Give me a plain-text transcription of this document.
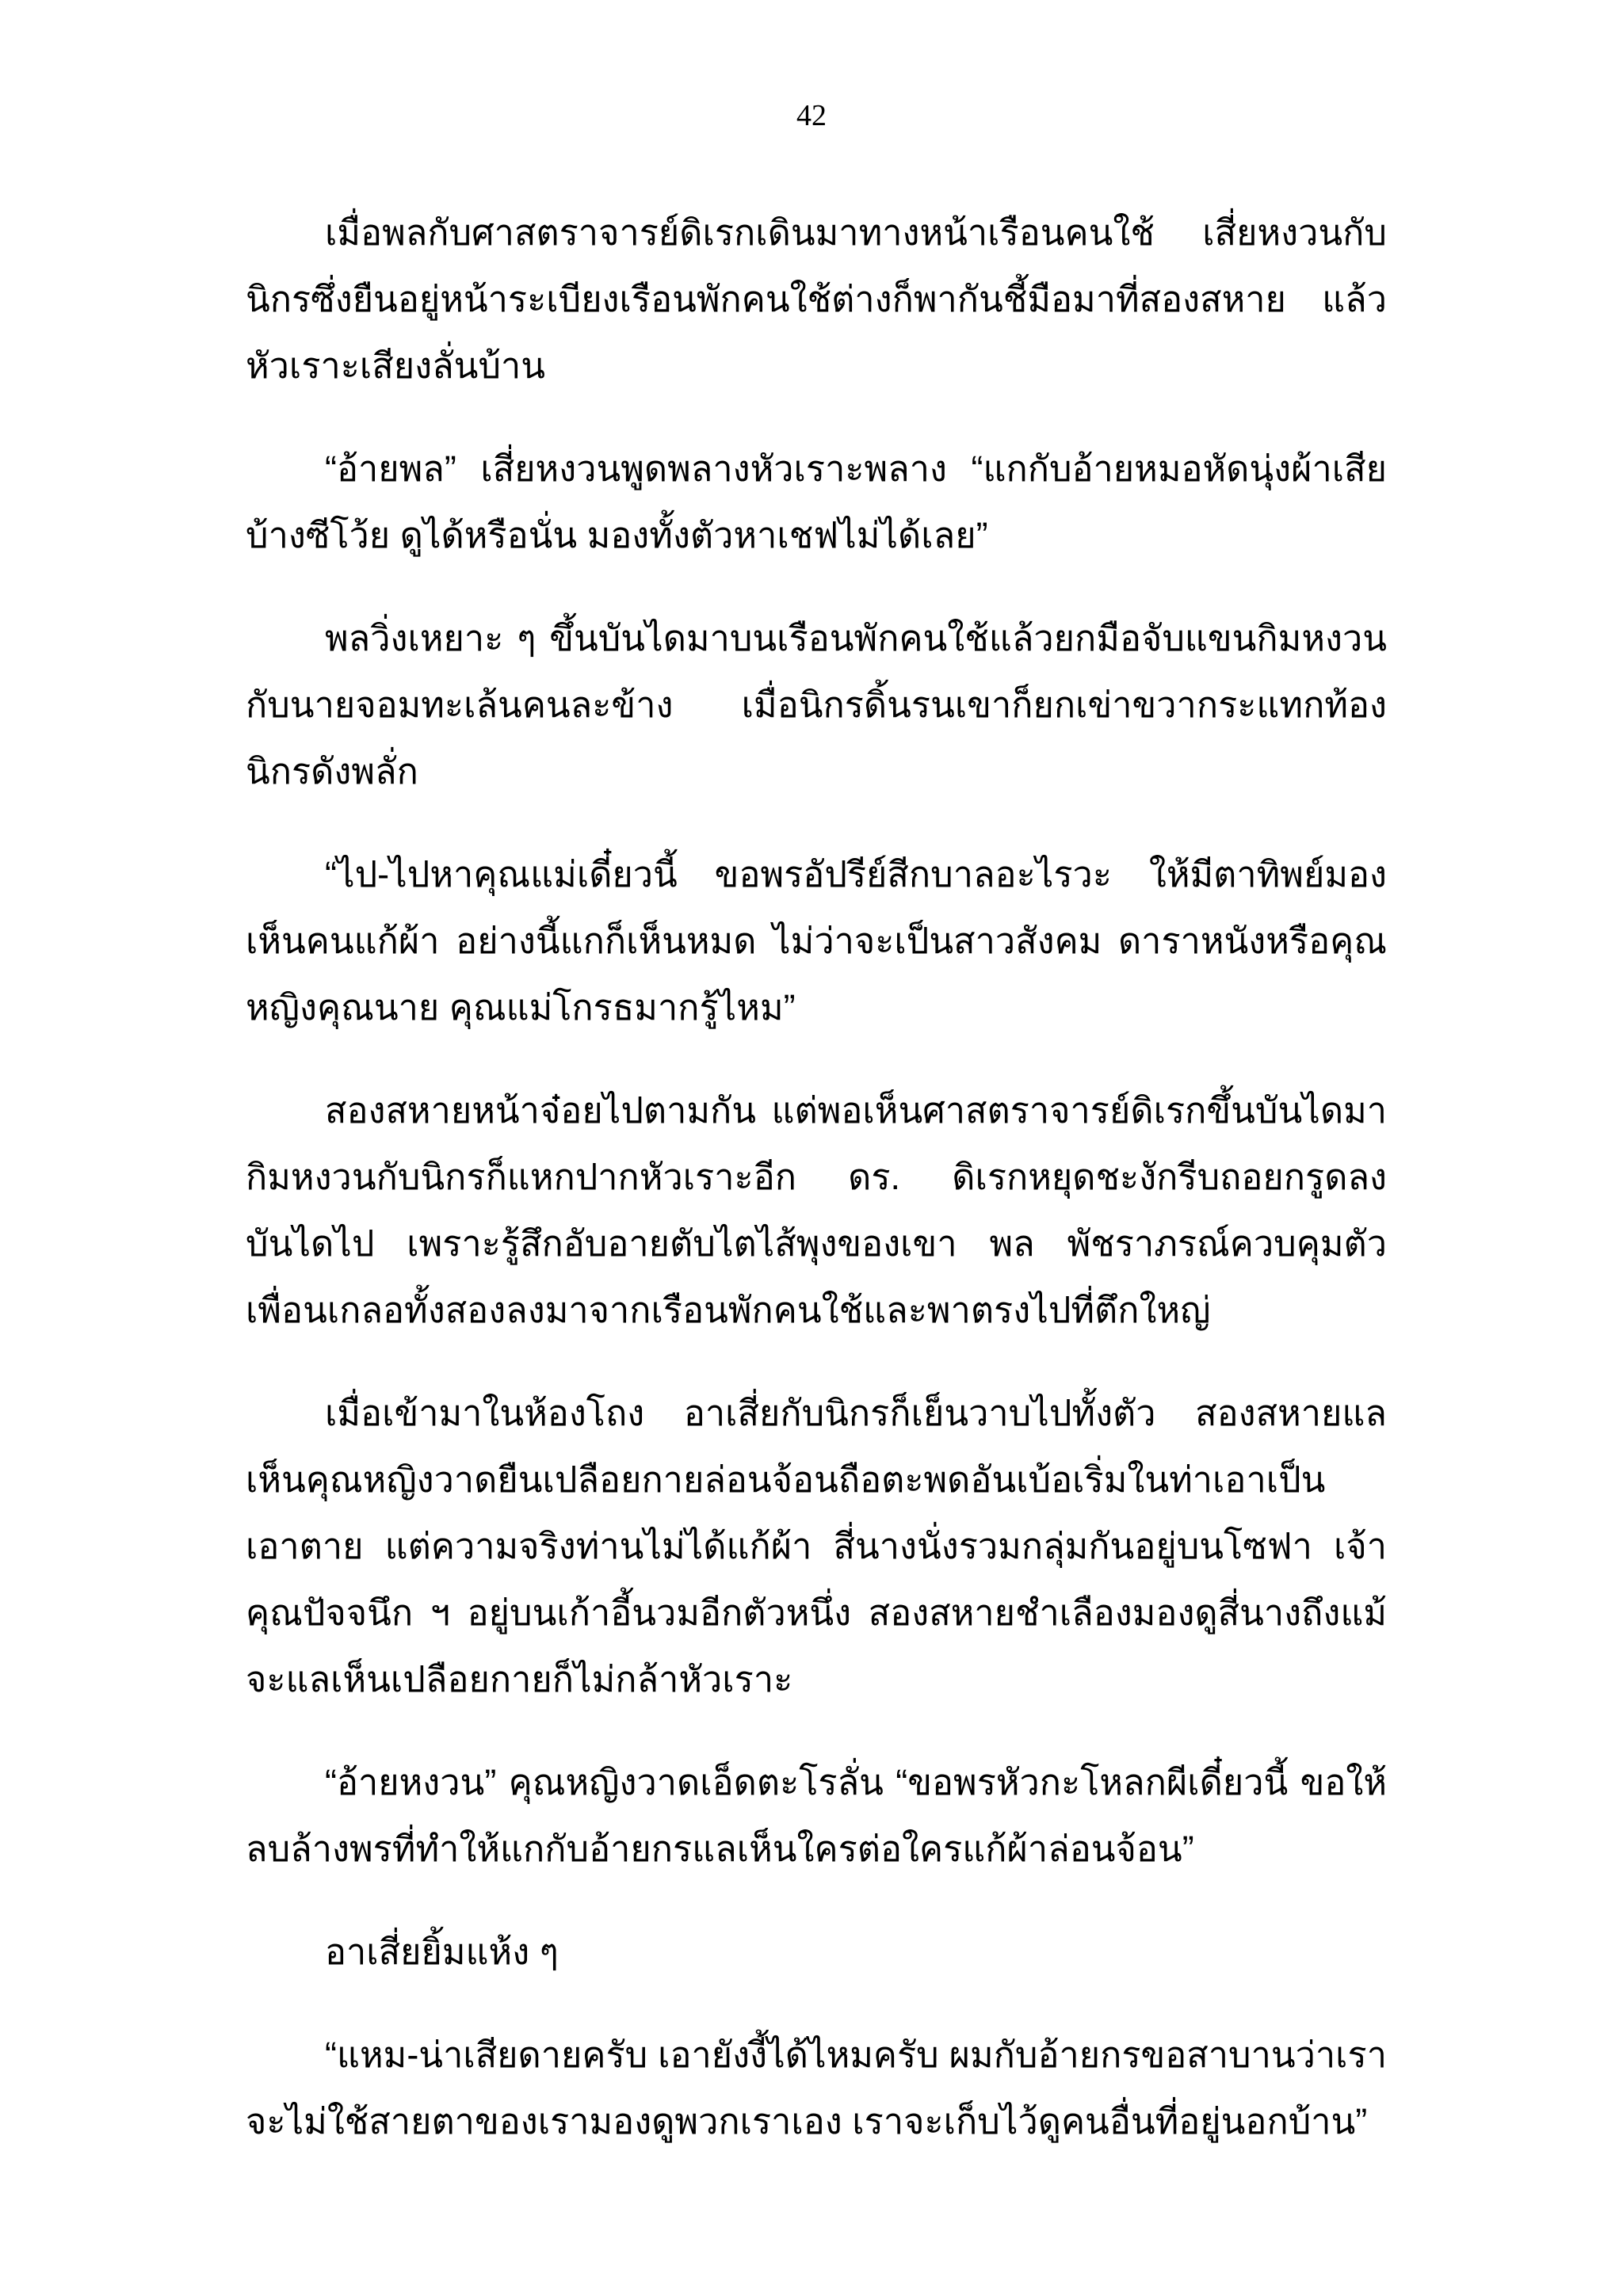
42

เมื่อพลกับศาสตราจารย์ดิเรกเดินมาทางหน้าเรือนคนใช้ เสี่ยหงวนกับนิกรซึ่งยืนอยู่หน้าระเบียงเรือนพักคนใช้ต่างก็พากันชี้มือมาที่สองสหาย แล้วหัวเราะเสียงลั่นบ้าน

“อ้ายพล” เสี่ยหงวนพูดพลางหัวเราะพลาง “แกกับอ้ายหมอหัดนุ่งผ้าเสียบ้างซีโว้ย ดูได้หรือนั่น มองทั้งตัวหาเชฟไม่ได้เลย”

พลวิ่งเหยาะ ๆ ขึ้นบันไดมาบนเรือนพักคนใช้แล้วยกมือจับแขนกิมหงวนกับนายจอมทะเล้นคนละข้าง เมื่อนิกรดิ้นรนเขาก็ยกเข่าขวากระแทกท้องนิกรดังพลั่ก

“ไป-ไปหาคุณแม่เดี๋ยวนี้ ขอพรอัปรีย์สีกบาลอะไรวะ ให้มีตาทิพย์มองเห็นคนแก้ผ้า อย่างนี้แกก็เห็นหมด ไม่ว่าจะเป็นสาวสังคม ดาราหนังหรือคุณหญิงคุณนาย คุณแม่โกรธมากรู้ไหม”

สองสหายหน้าจ๋อยไปตามกัน แต่พอเห็นศาสตราจารย์ดิเรกขึ้นบันไดมา กิมหงวนกับนิกรก็แหกปากหัวเราะอีก ดร. ดิเรกหยุดชะงักรีบถอยกรูดลงบันไดไป เพราะรู้สึกอับอายตับไตไส้พุงของเขา พล พัชราภรณ์ควบคุมตัวเพื่อนเกลอทั้งสองลงมาจากเรือนพักคนใช้และพาตรงไปที่ตึกใหญ่

เมื่อเข้ามาในห้องโถง อาเสี่ยกับนิกรก็เย็นวาบไปทั้งตัว สองสหายแลเห็นคุณหญิงวาดยืนเปลือยกายล่อนจ้อนถือตะพดอันเบ้อเริ่มในท่าเอาเป็นเอาตาย แต่ความจริงท่านไม่ได้แก้ผ้า สี่นางนั่งรวมกลุ่มกันอยู่บนโซฟา เจ้าคุณปัจจนึก ฯ อยู่บนเก้าอี้นวมอีกตัวหนึ่ง สองสหายชำเลืองมองดูสี่นางถึงแม้จะแลเห็นเปลือยกายก็ไม่กล้าหัวเราะ

“อ้ายหงวน” คุณหญิงวาดเอ็ดตะโรลั่น “ขอพรหัวกะโหลกผีเดี๋ยวนี้ ขอให้ลบล้างพรที่ทำให้แกกับอ้ายกรแลเห็นใครต่อใครแก้ผ้าล่อนจ้อน”

อาเสี่ยยิ้มแห้ง ๆ

“แหม-น่าเสียดายครับ เอายังงี้ได้ไหมครับ ผมกับอ้ายกรขอสาบานว่าเราจะไม่ใช้สายตาของเรามองดูพวกเราเอง เราจะเก็บไว้ดูคนอื่นที่อยู่นอกบ้าน”
